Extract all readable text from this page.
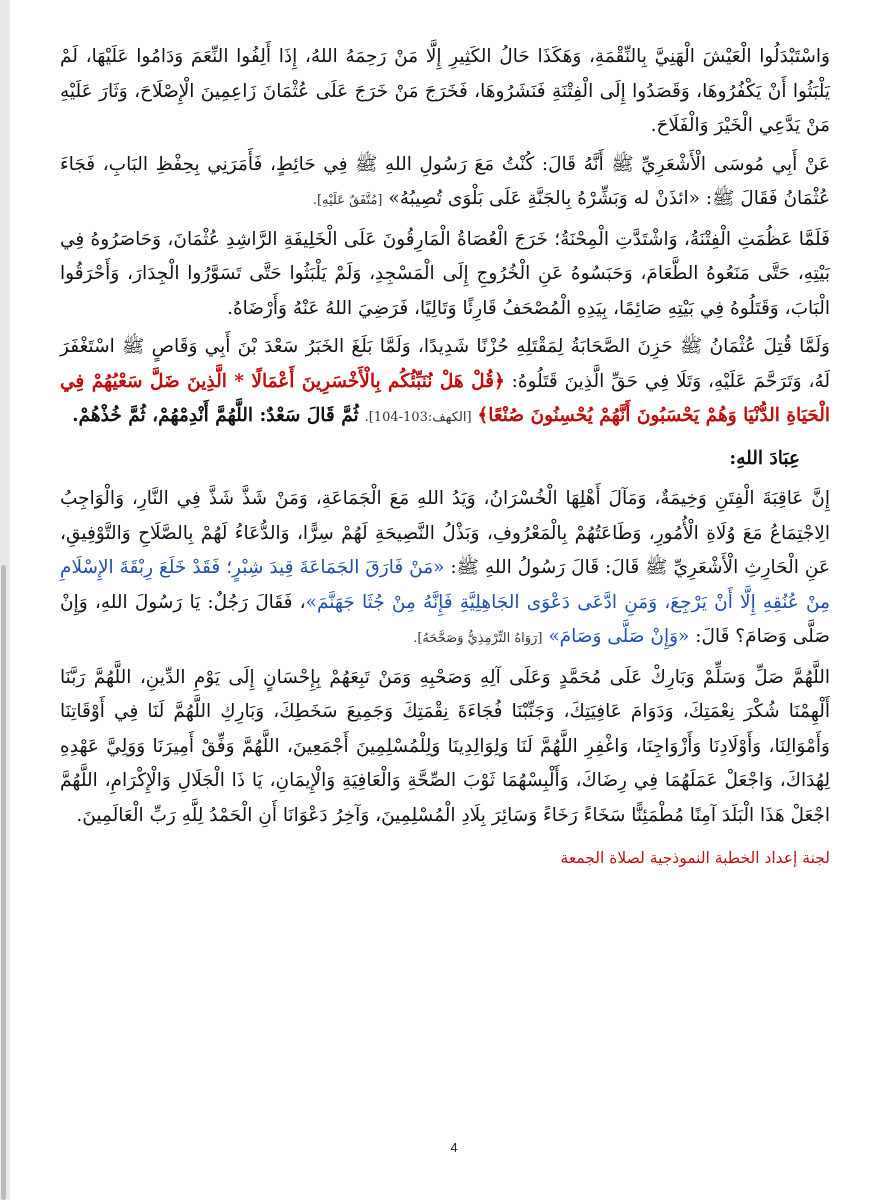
وَاسْتَبْدَلُوا الْعَيْشَ الْهَنِيَّ بِالنِّقْمَةِ، وَهَكَذَا حَالُ الكَثِيرِ إِلَّا مَنْ رَحِمَهُ اللهُ، إِذَا أَلِفُوا النِّعَمَ وَدَامُوا عَلَيْهَا، لَمْ يَلْبَثُوا أَنْ يَكْفُرُوهَا، وَقَصَدُوا إِلَى الْفِتْنَةِ فَنَشَرُوهَا، فَخَرَجَ مَنْ خَرَجَ عَلَى عُثْمَانَ زَاعِمِينَ الْإِصْلَاحَ، وَثَارَ عَلَيْهِ مَنْ يَدَّعِي الْخَيْرَ وَالْفَلَاحَ.

عَنْ أَبِي مُوسَى الْأَشْعَرِيِّ ﷺ أَنَّهُ قَالَ: كُنْتُ مَعَ رَسُولِ اللهِ ﷺ فِي حَائِطٍ، فَأَمَرَنِي بِحِفْظِ البَابِ، فَجَاءَ عُثْمَانُ فَقَالَ ﷺ: «ائذَنْ له وَبَشِّرْهُ بِالجَنَّةِ عَلَى بَلْوَى تُصِيبُهُ» [مُتَّفَقٌ عَلَيْهِ].

فَلَمَّا عَظُمَتِ الْفِتْنَةُ، وَاشْتَدَّتِ الْمِحْنَةُ؛ خَرَجَ الْعُصَاةُ الْمَارِقُونَ عَلَى الْخَلِيفَةِ الرَّاشِدِ عُثْمَانَ، وَحَاصَرُوهُ فِي بَيْتِهِ، حَتَّى مَنَعُوهُ الطَّعَامَ، وَحَبَسُوهُ عَنِ الْخُرُوجِ إِلَى الْمَسْجِدِ، وَلَمْ يَلْبَثُوا حَتَّى تَسَوَّرُوا الْجِدَارَ، وَأَحْرَقُوا الْبَابَ، وَقَتَلُوهُ فِي بَيْتِهِ صَائِمًا، بِيَدِهِ الْمُصْحَفُ قَارِئًا وَتَالِيًا، فَرَضِيَ اللهُ عَنْهُ وَأَرْضَاهُ.

وَلَمَّا قُتِلَ عُثْمَانُ ﷺ حَزِنَ الصَّحَابَةُ لِمَقْتَلِهِ حُزْنًا شَدِيدًا، وَلَمَّا بَلَغَ الخَبَرُ سَعْدَ بْنَ أَبِي وَقَاصٍ ﷺ اسْتَغْفَرَ لَهُ، وَتَرَحَّمَ عَلَيْهِ، وَتَلَا فِي حَقِّ الَّذِينَ قَتَلُوهُ: ﴿قُلْ هَلْ نُنَبِّئُكُم بِالْأَخْسَرِينَ أَعْمَالًا * الَّذِينَ ضَلَّ سَعْيُهُمْ فِي الْحَيَاةِ الدُّنْيَا وَهُمْ يَحْسَبُونَ أَنَّهُمْ يُحْسِنُونَ صُنْعًا﴾ [الكهف:103-104]. ثُمَّ قَالَ سَعْدٌ: اللَّهُمَّ أَنْدِمْهُمْ، ثُمَّ خُذْهُمْ.

عِبَادَ اللهِ:

إِنَّ عَاقِبَةَ الْفِتَنِ وَخِيمَةٌ، وَمَآلَ أَهْلِهَا الْخُسْرَانُ، وَيَدُ اللهِ مَعَ الْجَمَاعَةِ، وَمَنْ شَذَّ شَذَّ فِي النَّارِ، وَالْوَاجِبُ الِاجْتِمَاعُ مَعَ وُلَاةِ الْأُمُورِ، وَطَاعَتُهُمْ بِالْمَعْرُوفِ، وَبَذْلُ النَّصِيحَةِ لَهُمْ سِرًّا، وَالدُّعَاءُ لَهُمْ بِالصَّلَاحِ وَالتَّوْفِيقِ، عَنِ الْحَارِثِ الْأَشْعَرِيِّ ﷺ قَالَ: قَالَ رَسُولُ اللهِ ﷺ: «مَنْ فَارَقَ الجَمَاعَةَ قِيدَ شِبْرٍ؛ فَقَدْ خَلَعَ رِبْقَةَ الإِسْلَامِ مِنْ عُنُقِهِ إِلَّا أَنْ يَرْجِعَ، وَمَنِ ادَّعَى دَعْوَى الجَاهِلِيَّةِ فَإِنَّهُ مِنْ جُثَا جَهَنَّمَ»، فَقَالَ رَجُلٌ: يَا رَسُولَ اللهِ، وَإِنْ صَلَّى وَصَامَ؟ قَالَ: «وَإِنْ صَلَّى وَصَامَ» [رَوَاهُ التِّرْمِذِيُّ وَصَحَّحَهُ].

اللَّهُمَّ صَلِّ وَسَلِّمْ وَبَارِكْ عَلَى مُحَمَّدٍ وَعَلَى آلِهِ وَصَحْبِهِ وَمَنْ تَبِعَهُمْ بِإِحْسَانٍ إِلَى يَوْمِ الدِّينِ، اللَّهُمَّ رَبَّنَا أَلْهِمْنَا شُكْرَ نِعْمَتِكَ، وَدَوَامَ عَافِيَتِكَ، وَجَنِّبْنَا فُجَاءَةَ نِقْمَتِكَ وَجَمِيعَ سَخَطِكَ، وَبَارِكِ اللَّهُمَّ لَنَا فِي أَوْقَاتِنَا وَأَمْوَالِنَا، وَأَوْلَادِنَا وَأَزْوَاجِنَا، وَاغْفِرِ اللَّهُمَّ لَنَا وَلِوَالِدِينَا وَلِلْمُسْلِمِينَ أَجْمَعِينَ، اللَّهُمَّ وَفِّقْ أَمِيرَنَا وَوَلِيَّ عَهْدِهِ لِهُدَاكَ، وَاجْعَلْ عَمَلَهُمَا فِي رِضَاكَ، وَأَلْبِسْهُمَا ثَوْبَ الصِّحَّةِ وَالْعَافِيَةِ وَالْإِيمَانِ، يَا ذَا الْجَلَالِ وَالْإِكْرَامِ، اللَّهُمَّ اجْعَلْ هَذَا الْبَلَدَ آمِنًا مُطْمَئِنًّا سَخَاءً رَخَاءً وَسَائِرَ بِلَادِ الْمُسْلِمِينَ، وَآخِرُ دَعْوَانَا أَنِ الْحَمْدُ لِلَّهِ رَبِّ الْعَالَمِينَ.

لجنة إعداد الخطبة النموذجية لصلاة الجمعة
4
